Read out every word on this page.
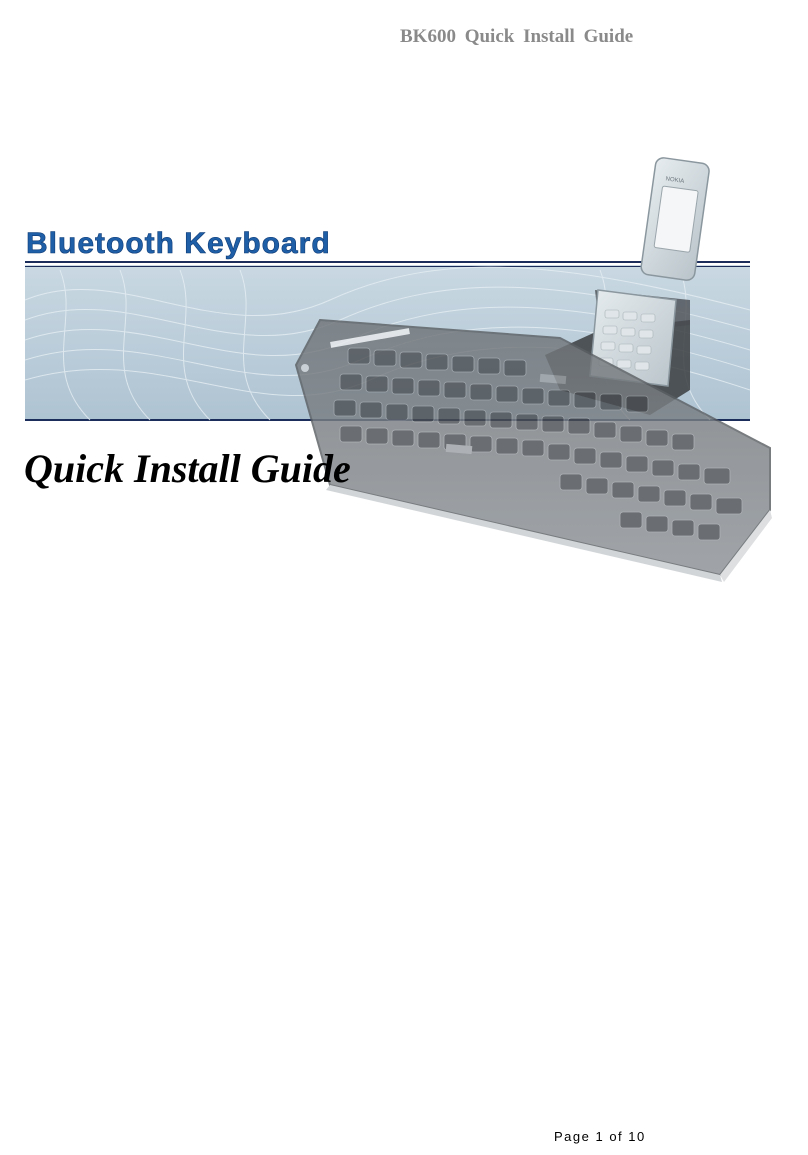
BK600 Quick Install Guide
Bluetooth Keyboard
NOKIA
Quick Install Guide
Page 1 of 10
